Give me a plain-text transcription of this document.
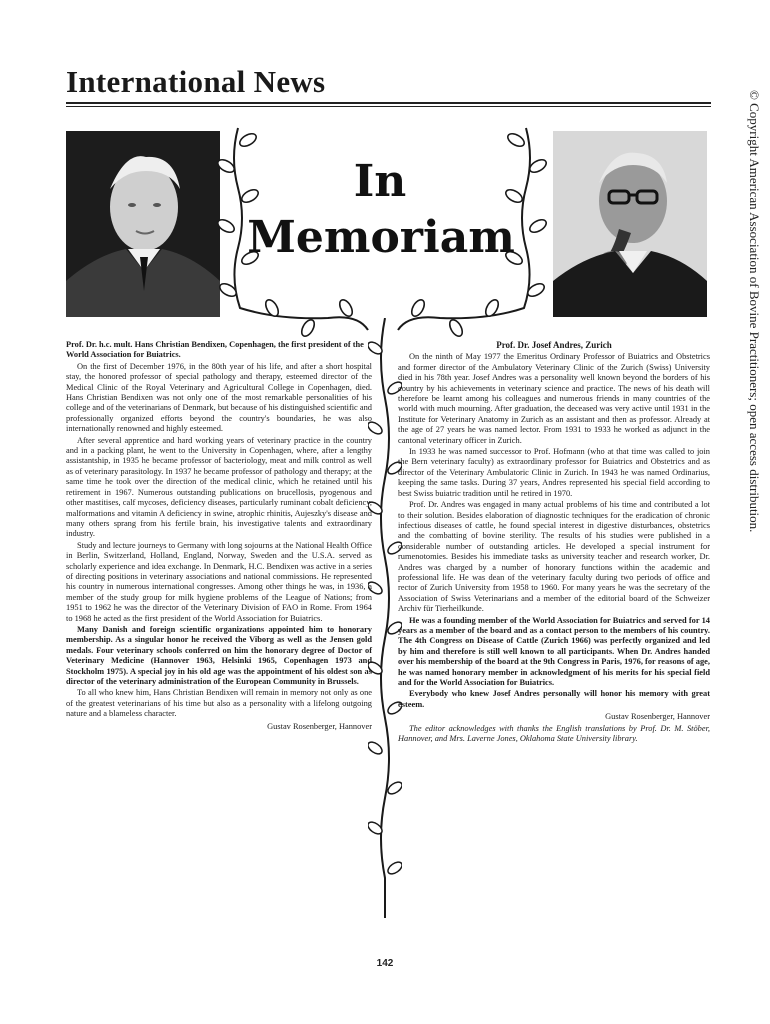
International News
In
Memoriam

Prof. Dr. h.c. mult. Hans Christian Bendixen, Copenhagen, the first president of the World Association for Buiatrics.

On the first of December 1976, in the 80th year of his life, and after a short hospital stay, the honored professor of special pathology and therapy, esteemed director of the Medical Clinic of the Royal Veterinary and Agricultural College in Copenhagen, died. Hans Christian Bendixen was not only one of the most remarkable personalities of his college and of the veterinarians of Denmark, but because of his distinguished scientific and professionally organized efforts beyond the country's boundaries, he was also internationally renowned and highly esteemed.

After several apprentice and hard working years of veterinary practice in the country and in a packing plant, he went to the University in Copenhagen, where, after a lengthy assistantship, in 1935 he became professor of bacteriology, meat and milk control as well as of veterinary parasitology. In 1937 he became professor of pathology and therapy; at the same time he took over the direction of the medical clinic, which he retained until his retirement in 1967. Numerous outstanding publications on brucellosis, pyogenous and other mastitises, calf mycoses, deficiency diseases, particularly ruminant cobalt deficiency, malformations and vitamin A deficiency in swine, atrophic rhinitis, Aujeszky's disease and many others sprang from his fertile brain, his investigative talents and extraordinary industry.

Study and lecture journeys to Germany with long sojourns at the National Health Office in Berlin, Switzerland, Holland, England, Norway, Sweden and the U.S.A. served as scholarly experience and idea exchange. In Denmark, H.C. Bendixen was active in a series of directing positions in veterinary associations and national commissions. He represented his country in numerous international congresses. Among other things he was, in 1936, a member of the study group for milk hygiene problems of the League of Nations; from 1951 to 1962 he was the director of the Veterinary Division of FAO in Rome. From 1964 to 1968 he acted as the first president of the World Association for Buiatrics.

Many Danish and foreign scientific organizations appointed him to honorary membership. As a singular honor he received the Viborg as well as the Jensen gold medals. Four veterinary schools conferred on him the honorary degree of Doctor of Veterinary Medicine (Hannover 1963, Helsinki 1965, Copenhagen 1973 and Stockholm 1975). A special joy in his old age was the appointment of his oldest son as director of the veterinary administration of the European Community in Brussels.

To all who knew him, Hans Christian Bendixen will remain in memory not only as one of the greatest veterinarians of his time but also as a personality with a lifelong outgoing nature and a blameless character.

Gustav Rosenberger, Hannover

Prof. Dr. Josef Andres, Zurich

On the ninth of May 1977 the Emeritus Ordinary Professor of Buiatrics and Obstetrics and former director of the Ambulatory Veterinary Clinic of the Zurich (Swiss) University died in his 78th year. Josef Andres was a personality well known beyond the borders of his country by his achievements in veterinary science and practice. The news of his death will therefore be learnt among his colleagues and numerous friends in many countries of the world with much mourning. After graduation, the deceased was very active until 1931 in the Institute for Veterinary Anatomy in Zurich as an assistant and then as professor. Already at the age of 27 years he was named lector. From 1931 to 1933 he worked as adjunct in the cantonal veterinary officer in Zurich.

In 1933 he was named successor to Prof. Hofmann (who at that time was called to join the Bern veterinary faculty) as extraordinary professor for Buiatrics and Obstetrics and as director of the Veterinary Ambulatoric Clinic in Zurich. In 1943 he was named Ordinarius, keeping the same tasks. During 37 years, Andres represented his special field according to best Swiss buiatric tradition until he retired in 1970.

Prof. Dr. Andres was engaged in many actual problems of his time and contributed a lot to their solution. Besides elaboration of diagnostic techniques for the eradication of chronic infectious diseases of cattle, he found special interest in digestive disturbances, obstetrics and the combatting of bovine sterility. The results of his studies were published in a considerable number of outstanding articles. He developed a special instrument for rumenotomies. Besides his immediate tasks as university teacher and research worker, Dr. Andres was charged by a number of honorary functions within the academic and professional life. He was dean of the veterinary faculty during two periods of office and rector of Zurich University from 1958 to 1960. For many years he was the secretary of the Association of Swiss Veterinarians and a member of the editorial board of the Schweizer Archiv für Tierheilkunde.

He was a founding member of the World Association for Buiatrics and served for 14 years as a member of the board and as a contact person to the members of his country. The 4th Congress on Disease of Cattle (Zurich 1966) was perfectly organized and led by him and therefore is still well known to all participants. When Dr. Andres handed over his membership of the board at the 9th Congress in Paris, 1976, for reasons of age, he was named honorary member in acknowledgment of his merits for his special field and for the World Association for Buiatrics.

Everybody who knew Josef Andres personally will honor his memory with great esteem.

Gustav Rosenberger, Hannover

The editor acknowledges with thanks the English translations by Prof. Dr. M. Stöber, Hannover, and Mrs. Laverne Jones, Oklahoma State University library.

© Copyright American Association of Bovine Practitioners; open access distribution.
142
